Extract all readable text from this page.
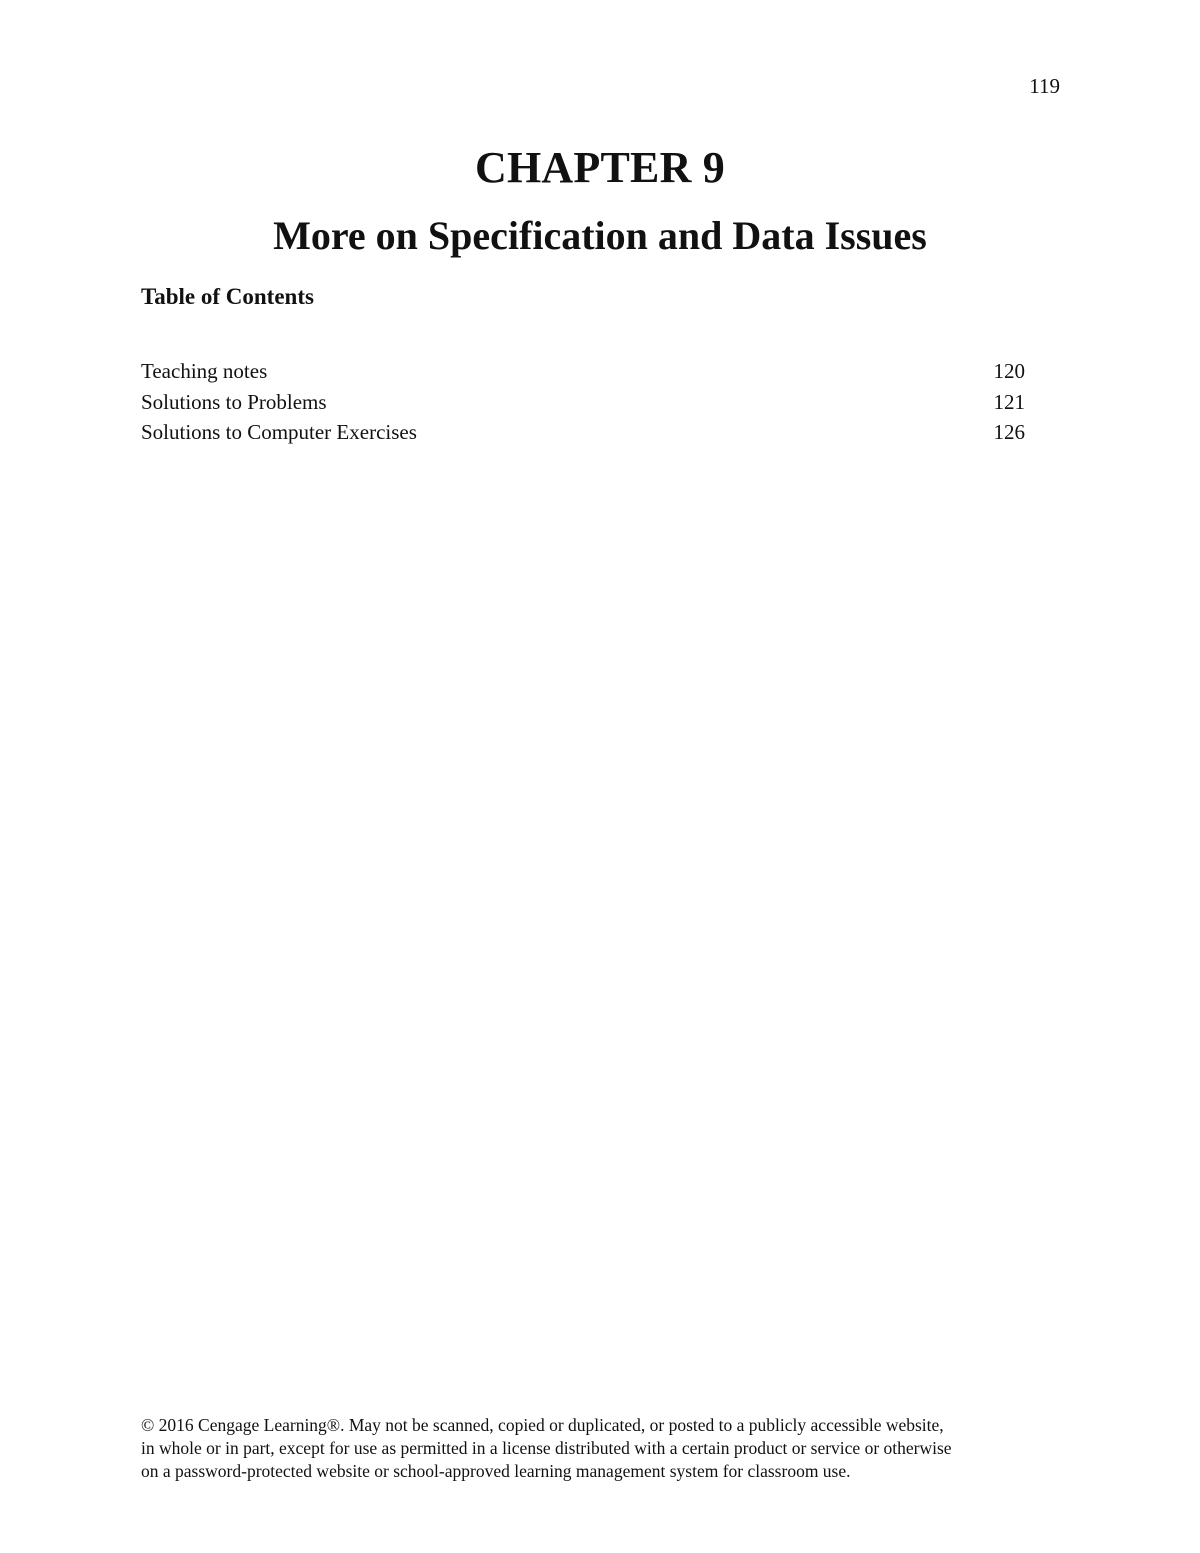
119
CHAPTER 9
More on Specification and Data Issues
Table of Contents
Teaching notes	120
Solutions to Problems	121
Solutions to Computer Exercises	126
© 2016 Cengage Learning®. May not be scanned, copied or duplicated, or posted to a publicly accessible website,
in whole or in part, except for use as permitted in a license distributed with a certain product or service or otherwise
on a password-protected website or school-approved learning management system for classroom use.
